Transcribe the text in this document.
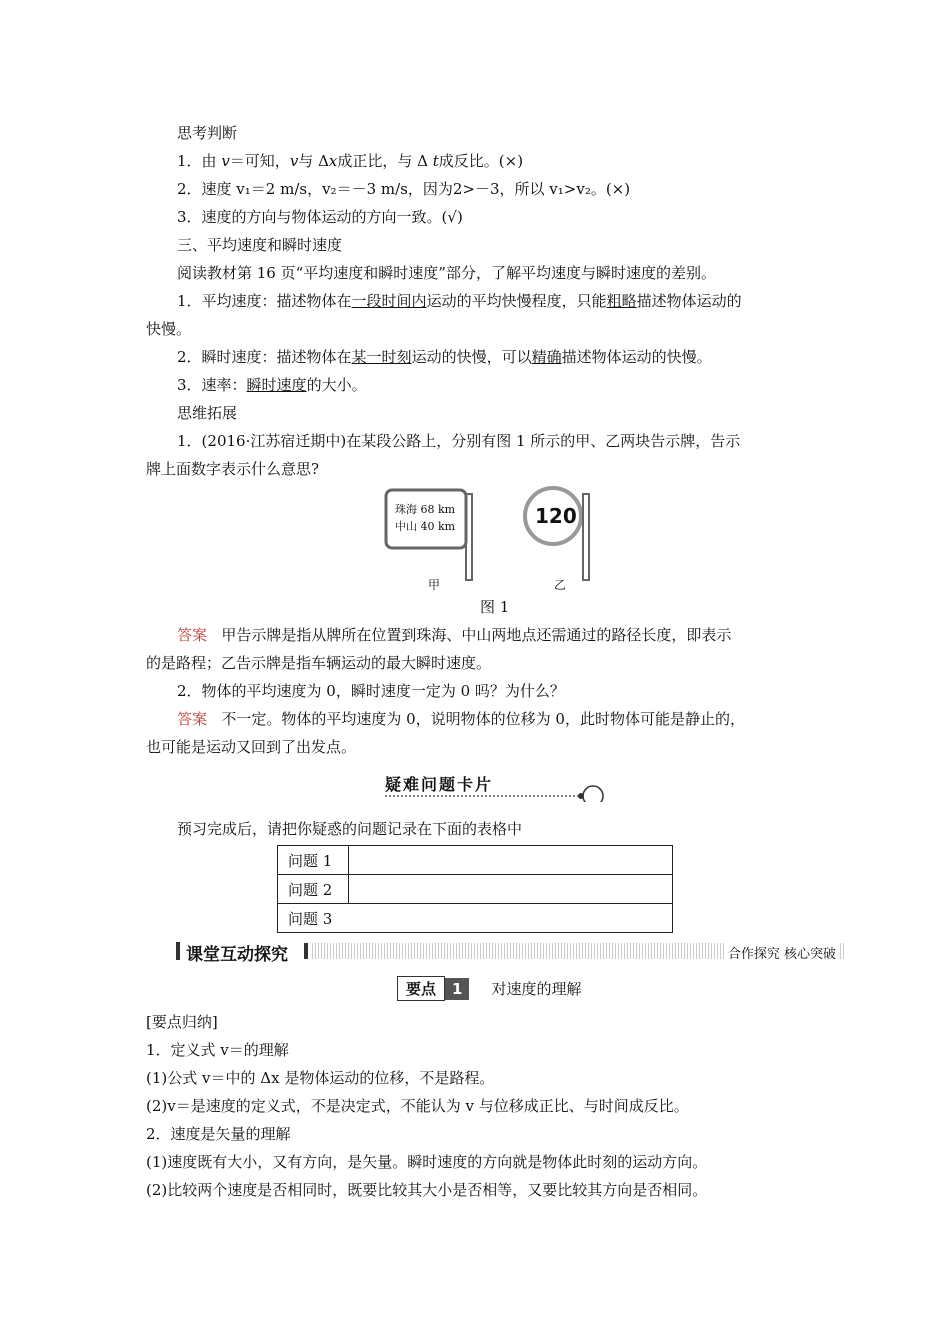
思考判断
1．由 v＝可知，v与 Δx成正比，与 Δ t成反比。(×)
2．速度 v₁＝2 m/s，v₂＝－3 m/s，因为2>－3，所以 v₁>v₂。(×)
3．速度的方向与物体运动的方向一致。(√)
三、平均速度和瞬时速度
阅读教材第 16 页“平均速度和瞬时速度”部分，了解平均速度与瞬时速度的差别。
1．平均速度：描述物体在一段时间内运动的平均快慢程度，只能粗略描述物体运动的
快慢。
2．瞬时速度：描述物体在某一时刻运动的快慢，可以精确描述物体运动的快慢。
3．速率：瞬时速度的大小。
思维拓展
1．(2016·江苏宿迁期中)在某段公路上，分别有图 1 所示的甲、乙两块告示牌，告示
牌上面数字表示什么意思?
珠海 68 km
中山 40 km	120
甲	乙
图 1
答案 甲告示牌是指从牌所在位置到珠海、中山两地点还需通过的路径长度，即表示
的是路程；乙告示牌是指车辆运动的最大瞬时速度。
2．物体的平均速度为 0，瞬时速度一定为 0 吗？为什么？
答案 不一定。物体的平均速度为 0，说明物体的位移为 0，此时物体可能是静止的，
也可能是运动又回到了出发点。
疑难问题卡片
预习完成后，请把你疑惑的问题记录在下面的表格中
问题 1	
问题 2	
问题 3	
课堂互动探究	合作探究 核心突破
要点	1	对速度的理解
[要点归纳]
1．定义式 v＝的理解
(1)公式 v＝中的 Δx 是物体运动的位移，不是路程。
(2)v＝是速度的定义式，不是决定式，不能认为 v 与位移成正比、与时间成反比。
2．速度是矢量的理解
(1)速度既有大小，又有方向，是矢量。瞬时速度的方向就是物体此时刻的运动方向。
(2)比较两个速度是否相同时，既要比较其大小是否相等，又要比较其方向是否相同。
